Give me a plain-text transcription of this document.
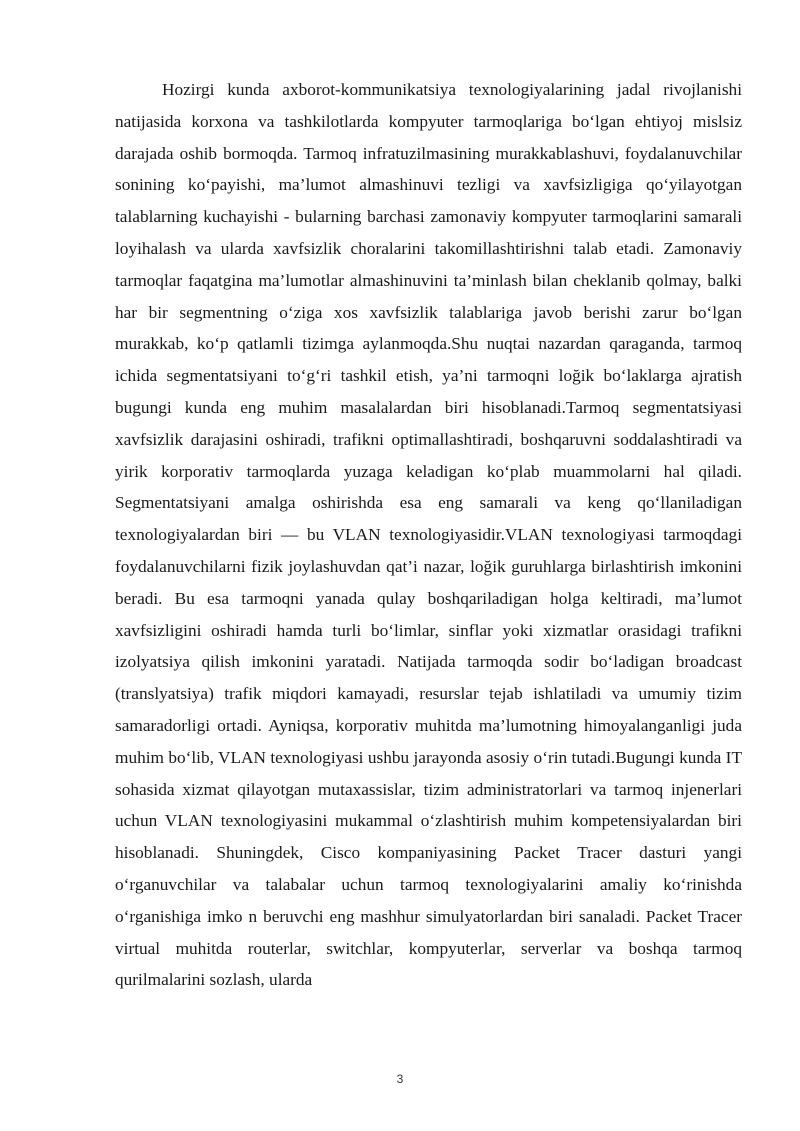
Hozirgi kunda axborot-kommunikatsiya texnologiyalarining jadal rivojlanishi natijasida korxona va tashkilotlarda kompyuter tarmoqlariga bo‘lgan ehtiyoj mislsiz darajada oshib bormoqda. Tarmoq infratuzilmasining murakkablashuvi, foydalanuvchilar sonining ko‘payishi, ma’lumot almashinuvi tezligi va xavfsizligiga qo‘yilayotgan talablarning kuchayishi - bularning barchasi zamonaviy kompyuter tarmoqlarini samarali loyihalash va ularda xavfsizlik choralarini takomillashtirishni talab etadi. Zamonaviy tarmoqlar faqatgina ma’lumotlar almashinuvini ta’minlash bilan cheklanib qolmay, balki har bir segmentning o‘ziga xos xavfsizlik talablariga javob berishi zarur bo‘lgan murakkab, ko‘p qatlamli tizimga aylanmoqda.Shu nuqtai nazardan qaraganda, tarmoq ichida segmentatsiyani to‘g‘ri tashkil etish, ya’ni tarmoqni loğik bo‘laklarga ajratish bugungi kunda eng muhim masalalardan biri hisoblanadi.Tarmoq segmentatsiyasi xavfsizlik darajasini oshiradi, trafikni optimallashtiradi, boshqaruvni soddalashtiradi va yirik korporativ tarmoqlarda yuzaga keladigan ko‘plab muammolarni hal qiladi. Segmentatsiyani amalga oshirishda esa eng samarali va keng qo‘llaniladigan texnologiyalardan biri — bu VLAN texnologiyasidir.VLAN texnologiyasi tarmoqdagi foydalanuvchilarni fizik joylashuvdan qat’i nazar, loğik guruhlarga birlashtirish imkonini beradi. Bu esa tarmoqni yanada qulay boshqariladigan holga keltiradi, ma’lumot xavfsizligini oshiradi hamda turli bo‘limlar, sinflar yoki xizmatlar orasidagi trafikni izolyatsiya qilish imkonini yaratadi. Natijada tarmoqda sodir bo‘ladigan broadcast (translyatsiya) trafik miqdori kamayadi, resurslar tejab ishlatiladi va umumiy tizim samaradorligi ortadi. Ayniqsa, korporativ muhitda ma’lumotning himoyalanganligi juda muhim bo‘lib, VLAN texnologiyasi ushbu jarayonda asosiy o‘rin tutadi.Bugungi kunda IT sohasida xizmat qilayotgan mutaxassislar, tizim administratorlari va tarmoq injenerlari uchun VLAN texnologiyasini mukammal o‘zlashtirish muhim kompetensiyalardan biri hisoblanadi. Shuningdek, Cisco kompaniyasining Packet Tracer dasturi yangi o‘rganuvchilar va talabalar uchun tarmoq texnologiyalarini amaliy ko‘rinishda o‘rganishiga imko n beruvchi eng mashhur simulyatorlardan biri sanaladi. Packet Tracer virtual muhitda routerlar, switchlar, kompyuterlar, serverlar va boshqa tarmoq qurilmalarini sozlash, ularda

3
